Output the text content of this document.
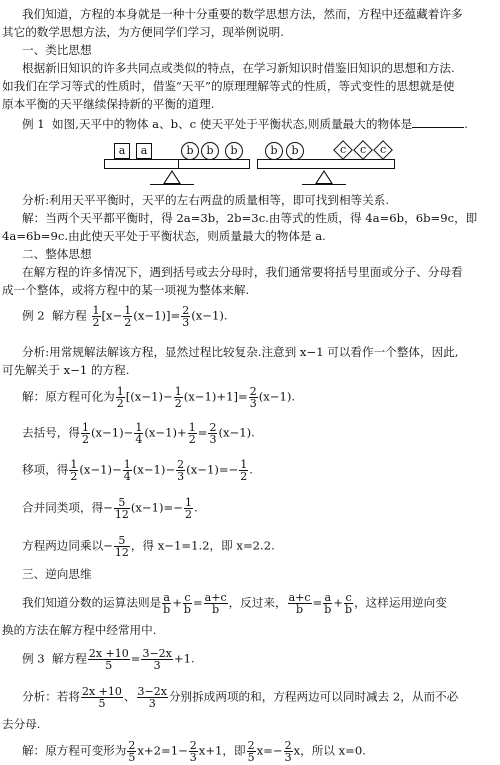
我们知道，方程的本身就是一种十分重要的数学思想方法，然而，方程中还蕴藏着许多
其它的数学思想方法，为方便同学们学习，现举例说明.
一、类比思想
根据新旧知识的许多共同点或类似的特点，在学习新知识时借鉴旧知识的思想和方法.
如我们在学习等式的性质时，借鉴“天平”的原理理解等式的性质，等式变性的思想就是使
原本平衡的天平继续保持新的平衡的道理.
例 1 如图,天平中的物体 a、b、c 使天平处于平衡状态,则质量最大的物体是	.
a	a	b	b	b	b	b	c	c	c
分析:利用天平平衡时，天平的左右两盘的质量相等，即可找到相等关系.
解：当两个天平都平衡时，得 2a=3b，2b=3c.由等式的性质，得 4a=6b，6b=9c，即
4a=6b=9c.由此使天平处于平衡状态，则质量最大的物体是 a.
二、整体思想
在解方程的许多情况下，遇到括号或去分母时，我们通常要将括号里面或分子、分母看
成一个整体，或将方程中的某一项视为整体来解.
例 2 解方程 $\frac{1}{2} [x- \frac{1}{2} (x-1)]= \frac{2}{3} (x-1)$.
分析:用常规解法解该方程，显然过程比较复杂.注意到 x−1 可以看作一个整体，因此,
可先解关于 x−1 的方程.
解：原方程可化为 $\frac{1}{2} [(x-1)- \frac{1}{2} (x-1)+1]= \frac{2}{3} (x-1)$.
去括号，得 $\frac{1}{2} (x-1)- \frac{1}{4} (x-1)+ \frac{1}{2} = \frac{2}{3} (x-1)$.
移项，得 $\frac{1}{2} (x-1)- \frac{1}{4} (x-1)- \frac{2}{3} (x-1)=- \frac{1}{2}$ .
合并同类项，得− $\frac{5}{12} (x-1)=- \frac{1}{2}$ .
方程两边同乘以− $\frac{5}{12}$ ，得 x−1=1.2，即 x=2.2.
三、逆向思维
我们知道分数的运算法则是 $\frac{a}{b} + \frac{c}{b} = \frac{a+c}{b}$ ，反过来， $\frac{a+c}{b} = \frac{a}{b} + \frac{c}{b}$ ，这样运用逆向变
换的方法在解方程中经常用中.
例 3 解方程 $\frac{2x +10}{5} = \frac{3-2x}{3} +1$.
分析：若将 $\frac{2x +10}{5}$ 、 $\frac{3-2x}{3}$ 分别拆成两项的和，方程两边可以同时减去 2，从而不必
去分母.
解：原方程可变形为 $\frac{2}{5} x+2=1- \frac{2}{3} x+1$，即 $\frac{2}{5} x=- \frac{2}{3}$ x，所以 x=0.
